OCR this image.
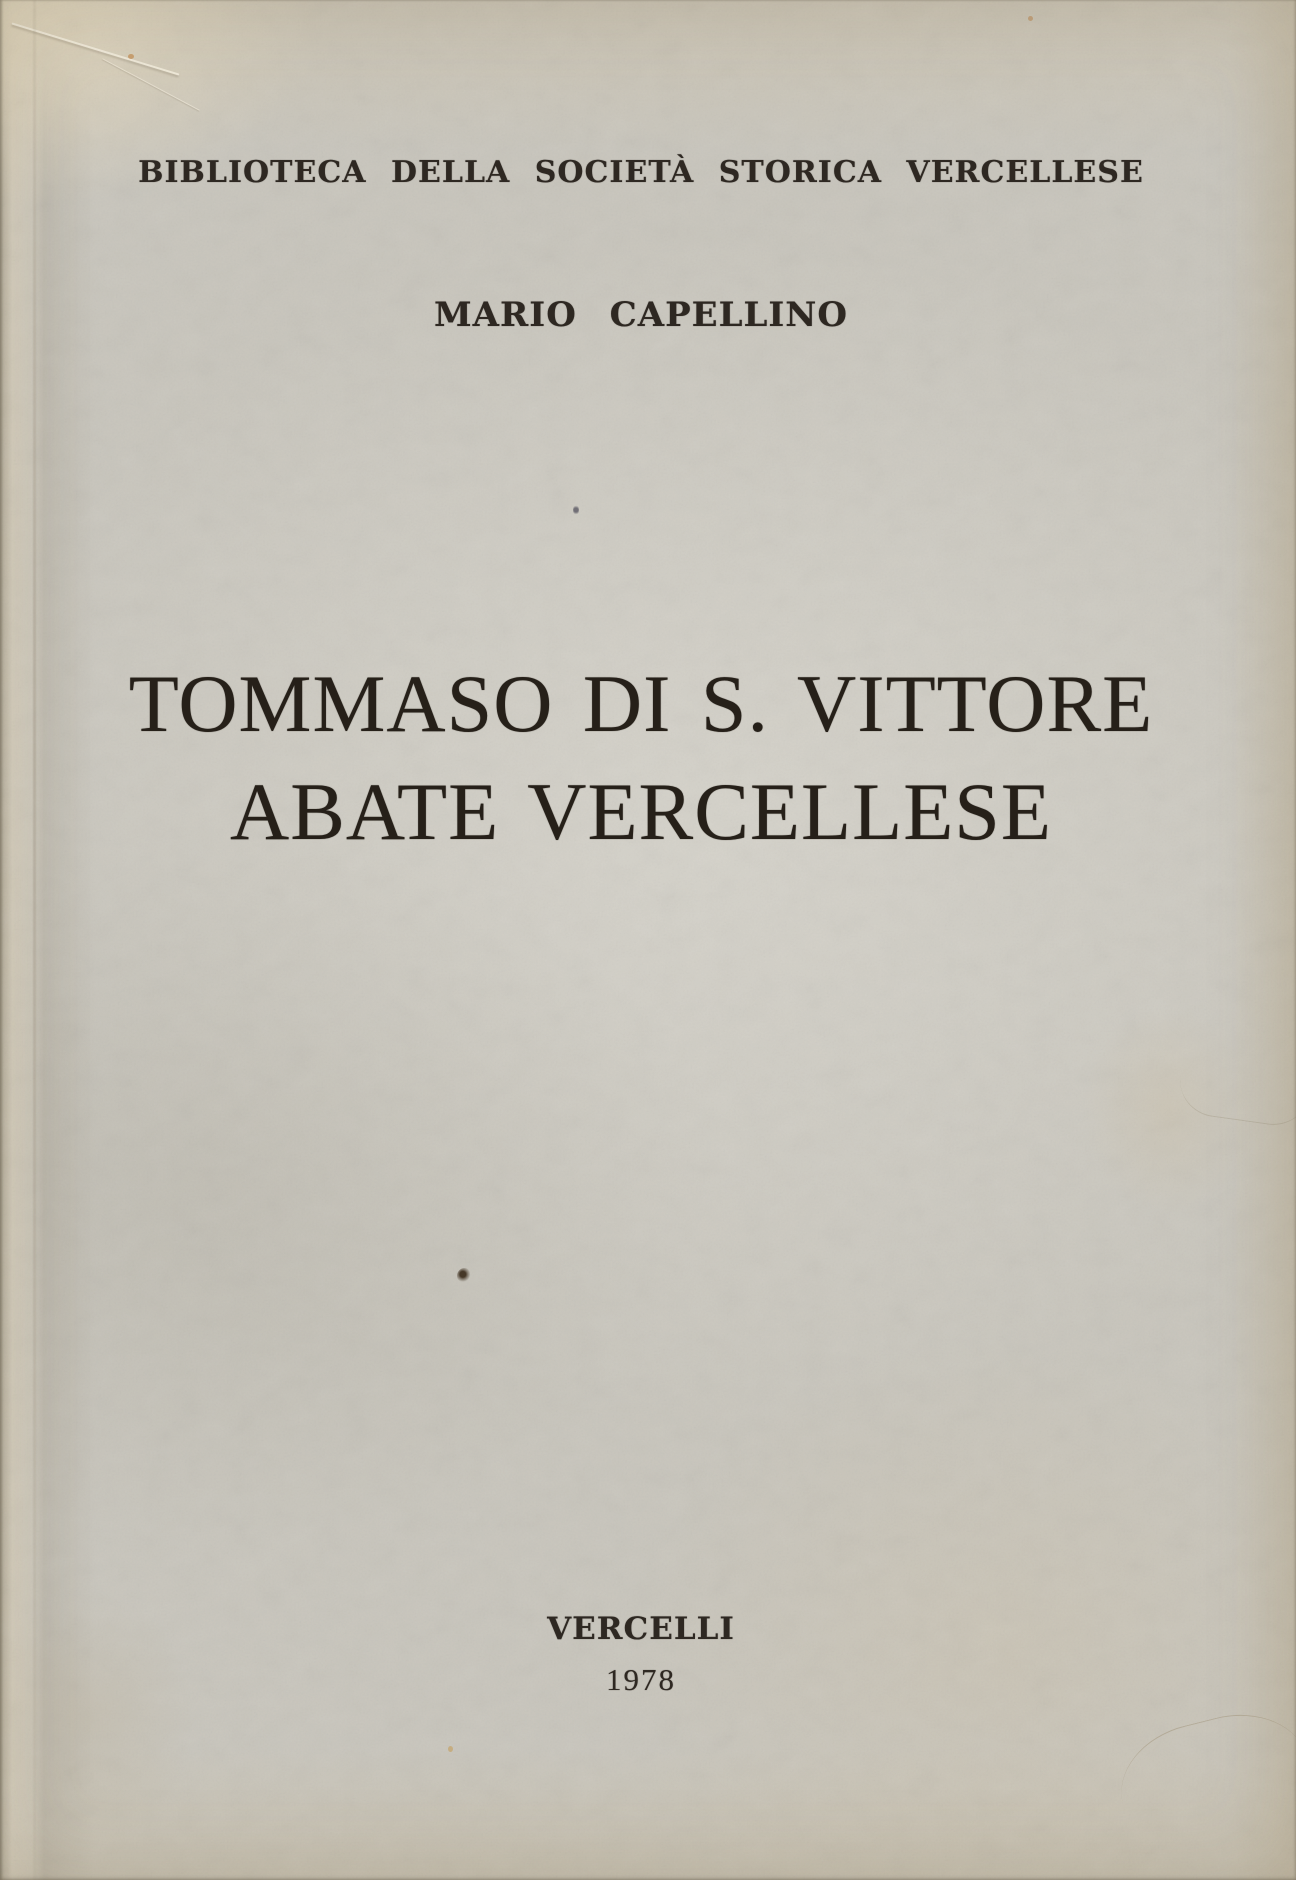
BIBLIOTECA DELLA SOCIETÀ STORICA VERCELLESE
MARIO CAPELLINO
TOMMASO DI S. VITTORE
ABATE VERCELLESE
VERCELLI
1978
